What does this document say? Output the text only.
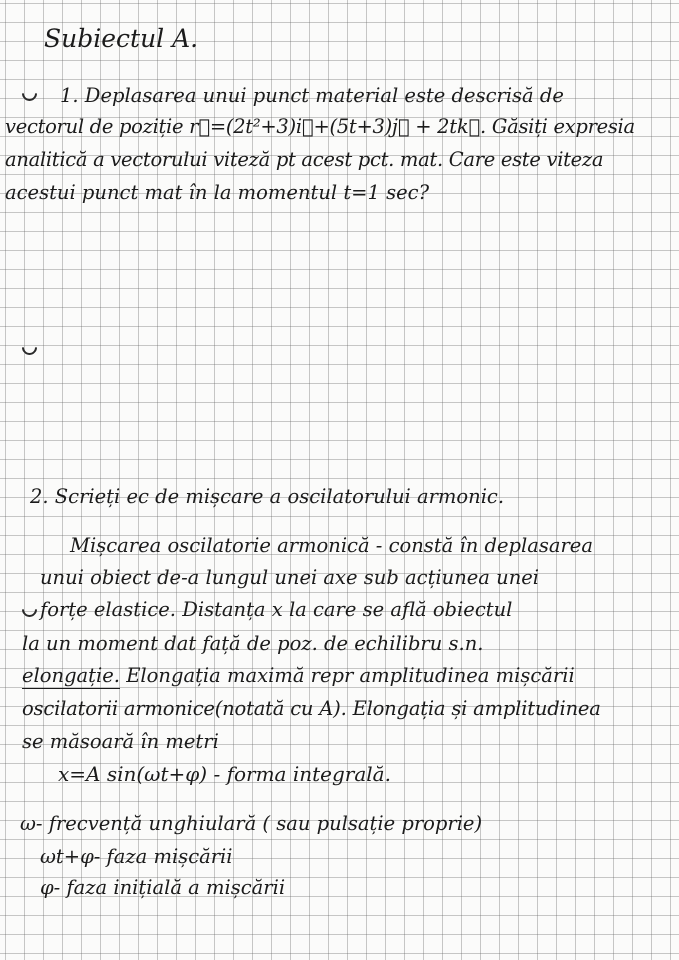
Subiectul A.

1. Deplasarea unui punct material este descrisă de

vectorul de poziție r⃗=(2t²+3)i⃗+(5t+3)j⃗ + 2tk⃗. Găsiți expresia

analitică a vectorului viteză pt acest pct. mat. Care este viteza

acestui punct mat în la momentul t=1 sec?

2. Scrieți ec de mișcare a oscilatorului armonic.

Mișcarea oscilatorie armonică - constă în deplasarea

unui obiect de-a lungul unei axe sub acțiunea unei

forțe elastice. Distanța x la care se află obiectul

la un moment dat față de poz. de echilibru s.n.

elongație. Elongația maximă repr amplitudinea mișcării

oscilatorii armonice(notată cu A). Elongația și amplitudinea

se măsoară în metri

x=A sin(ωt+φ) - forma integrală.

ω- frecvență unghiulară ( sau pulsație proprie)

ωt+φ- faza mișcării

φ- faza inițială a mișcării
